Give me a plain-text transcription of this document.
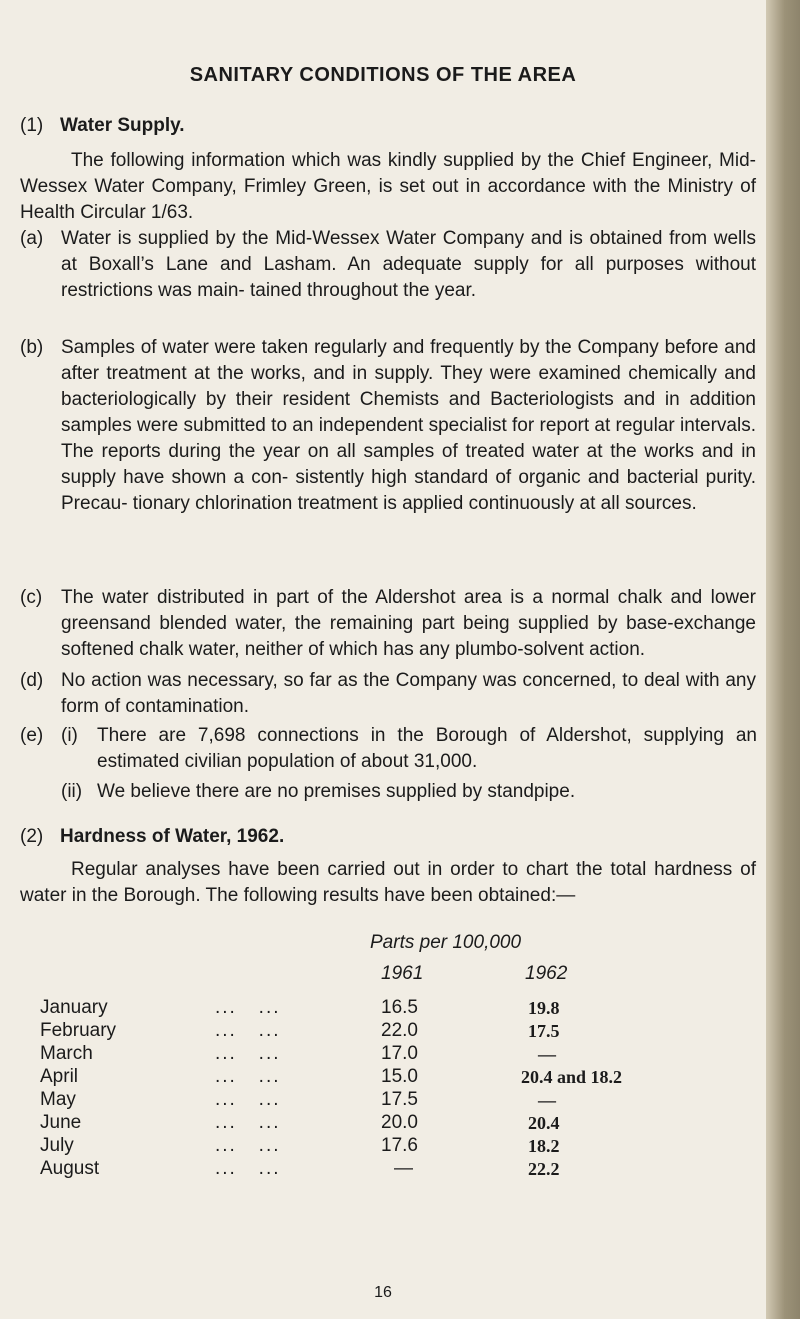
SANITARY CONDITIONS OF THE AREA
(1) Water Supply.
The following information which was kindly supplied by the Chief Engineer, Mid-Wessex Water Company, Frimley Green, is set out in accordance with the Ministry of Health Circular 1/63.
(a) Water is supplied by the Mid-Wessex Water Company and is obtained from wells at Boxall’s Lane and Lasham. An adequate supply for all purposes without restrictions was main- tained throughout the year.
(b) Samples of water were taken regularly and frequently by the Company before and after treatment at the works, and in supply. They were examined chemically and bacteriologically by their resident Chemists and Bacteriologists and in addition samples were submitted to an independent specialist for report at regular intervals. The reports during the year on all samples of treated water at the works and in supply have shown a con- sistently high standard of organic and bacterial purity. Precau- tionary chlorination treatment is applied continuously at all sources.
(c) The water distributed in part of the Aldershot area is a normal chalk and lower greensand blended water, the remaining part being supplied by base-exchange softened chalk water, neither of which has any plumbo-solvent action.
(d) No action was necessary, so far as the Company was concerned, to deal with any form of contamination.
(e) (i) There are 7,698 connections in the Borough of Aldershot, supplying an estimated civilian population of about 31,000.
(ii) We believe there are no premises supplied by standpipe.
(2) Hardness of Water, 1962.
Regular analyses have been carried out in order to chart the total hardness of water in the Borough. The following results have been obtained:—
Parts per 100,000
1961	1962
January	...   ...	16.5	19.8
February	...   ...	22.0	17.5
March	...   ...	17.0	—
April	...   ...	15.0	20.4 and 18.2
May	...   ...	17.5	—
June	...   ...	20.0	20.4
July	...   ...	17.6	18.2
August	...   ...	—	22.2
16
